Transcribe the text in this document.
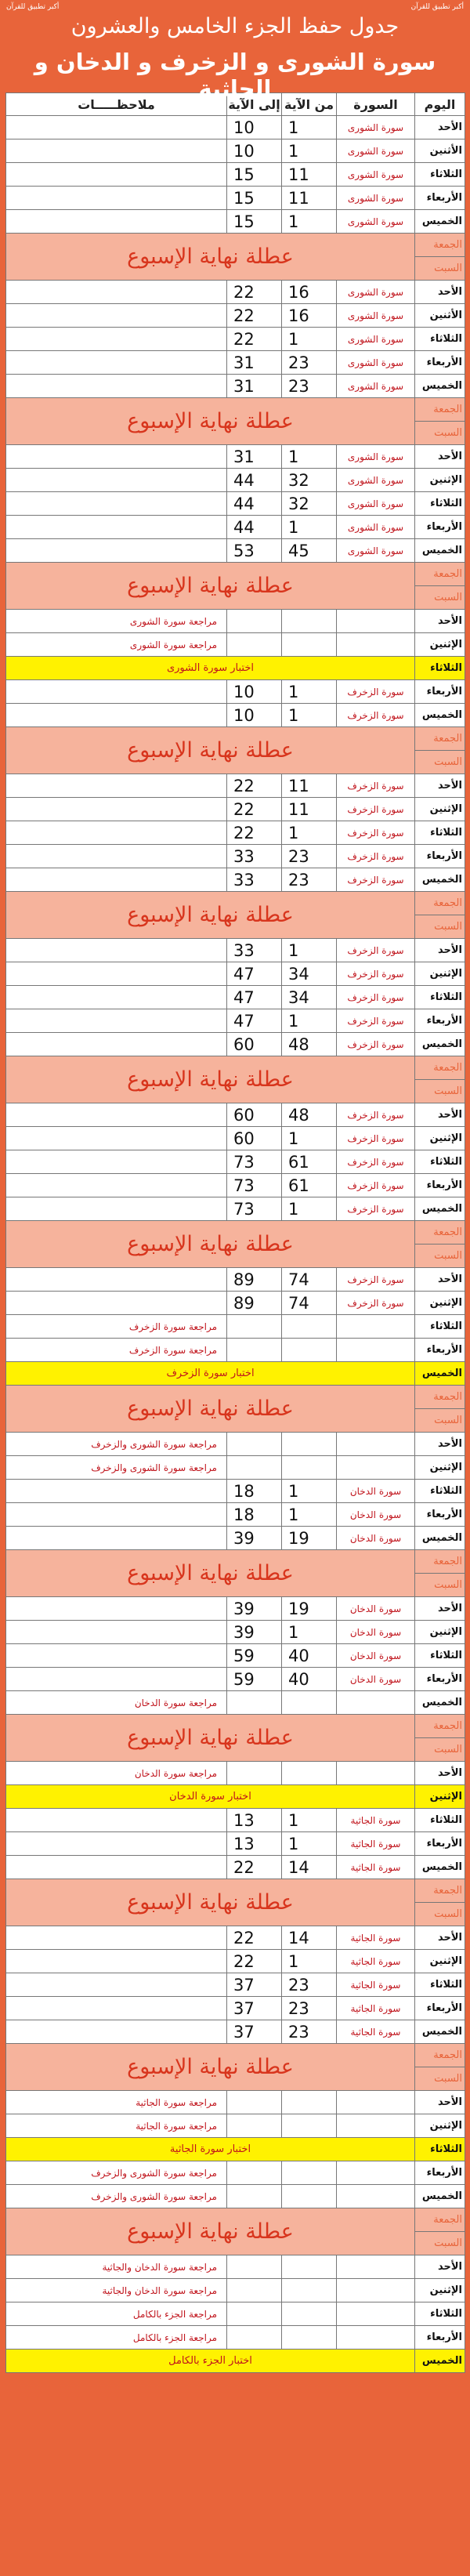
أكبر تطبيق للقرآن	أكبر تطبيق للقرآن
جدول حفظ الجزء الخامس والعشرون
سورة الشورى و الزخرف و الدخان و الجاثية
اليوم	السورة	من الآية	إلى الآية	ملاحظـــــات
الأحد	سورة الشورى	1	10	
الأثنين	سورة الشورى	1	10	
الثلاثاء	سورة الشورى	11	15	
الأربعاء	سورة الشورى	11	15	
الخميس	سورة الشورى	1	15	
الجمعة	عطلة نهاية الإسبوع			
السبت				
الأحد	سورة الشورى	16	22	
الأثنين	سورة الشورى	16	22	
الثلاثاء	سورة الشورى	1	22	
الأربعاء	سورة الشورى	23	31	
الخميس	سورة الشورى	23	31	
الجمعة	عطلة نهاية الإسبوع			
السبت				
الأحد	سورة الشورى	1	31	
الإثنين	سورة الشورى	32	44	
الثلاثاء	سورة الشورى	32	44	
الأربعاء	سورة الشورى	1	44	
الخميس	سورة الشورى	45	53	
الجمعة	عطلة نهاية الإسبوع			
السبت				
الأحد				مراجعة سورة الشورى
الإثنين				مراجعة سورة الشورى
الثلاثاء	اختبار سورة الشورى			
الأربعاء	سورة الزخرف	1	10	
الخميس	سورة الزخرف	1	10	
الجمعة	عطلة نهاية الإسبوع			
السبت				
الأحد	سورة الزخرف	11	22	
الإثنين	سورة الزخرف	11	22	
الثلاثاء	سورة الزخرف	1	22	
الأربعاء	سورة الزخرف	23	33	
الخميس	سورة الزخرف	23	33	
الجمعة	عطلة نهاية الإسبوع			
السبت				
الأحد	سورة الزخرف	1	33	
الإثنين	سورة الزخرف	34	47	
الثلاثاء	سورة الزخرف	34	47	
الأربعاء	سورة الزخرف	1	47	
الخميس	سورة الزخرف	48	60	
الجمعة	عطلة نهاية الإسبوع			
السبت				
الأحد	سورة الزخرف	48	60	
الإثنين	سورة الزخرف	1	60	
الثلاثاء	سورة الزخرف	61	73	
الأربعاء	سورة الزخرف	61	73	
الخميس	سورة الزخرف	1	73	
الجمعة	عطلة نهاية الإسبوع			
السبت				
الأحد	سورة الزخرف	74	89	
الإثنين	سورة الزخرف	74	89	
الثلاثاء				مراجعة سورة الزخرف
الأربعاء				مراجعة سورة الزخرف
الخميس	اختبار سورة الزخرف			
الجمعة	عطلة نهاية الإسبوع			
السبت				
الأحد				مراجعة سورة الشورى والزخرف
الإثنين				مراجعة سورة الشورى والزخرف
الثلاثاء	سورة الدخان	1	18	
الأربعاء	سورة الدخان	1	18	
الخميس	سورة الدخان	19	39	
الجمعة	عطلة نهاية الإسبوع			
السبت				
الأحد	سورة الدخان	19	39	
الإثنين	سورة الدخان	1	39	
الثلاثاء	سورة الدخان	40	59	
الأربعاء	سورة الدخان	40	59	
الخميس				مراجعة سورة الدخان
الجمعة	عطلة نهاية الإسبوع			
السبت				
الأحد				مراجعة سورة الدخان
الإثنين	اختبار سورة الدخان			
الثلاثاء	سورة الجاثية	1	13	
الأربعاء	سورة الجاثية	1	13	
الخميس	سورة الجاثية	14	22	
الجمعة	عطلة نهاية الإسبوع			
السبت				
الأحد	سورة الجاثية	14	22	
الإثنين	سورة الجاثية	1	22	
الثلاثاء	سورة الجاثية	23	37	
الأربعاء	سورة الجاثية	23	37	
الخميس	سورة الجاثية	23	37	
الجمعة	عطلة نهاية الإسبوع			
السبت				
الأحد				مراجعة سورة الجاثية
الإثنين				مراجعة سورة الجاثية
الثلاثاء	اختبار سورة الجاثية			
الأربعاء				مراجعة سورة الشورى والزخرف
الخميس				مراجعة سورة الشورى والزخرف
الجمعة	عطلة نهاية الإسبوع			
السبت				
الأحد				مراجعة سورة الدخان والجاثية
الإثنين				مراجعة سورة الدخان والجاثية
الثلاثاء				مراجعة الجزء بالكامل
الأربعاء				مراجعة الجزء بالكامل
الخميس	اختبار الجزء بالكامل			
